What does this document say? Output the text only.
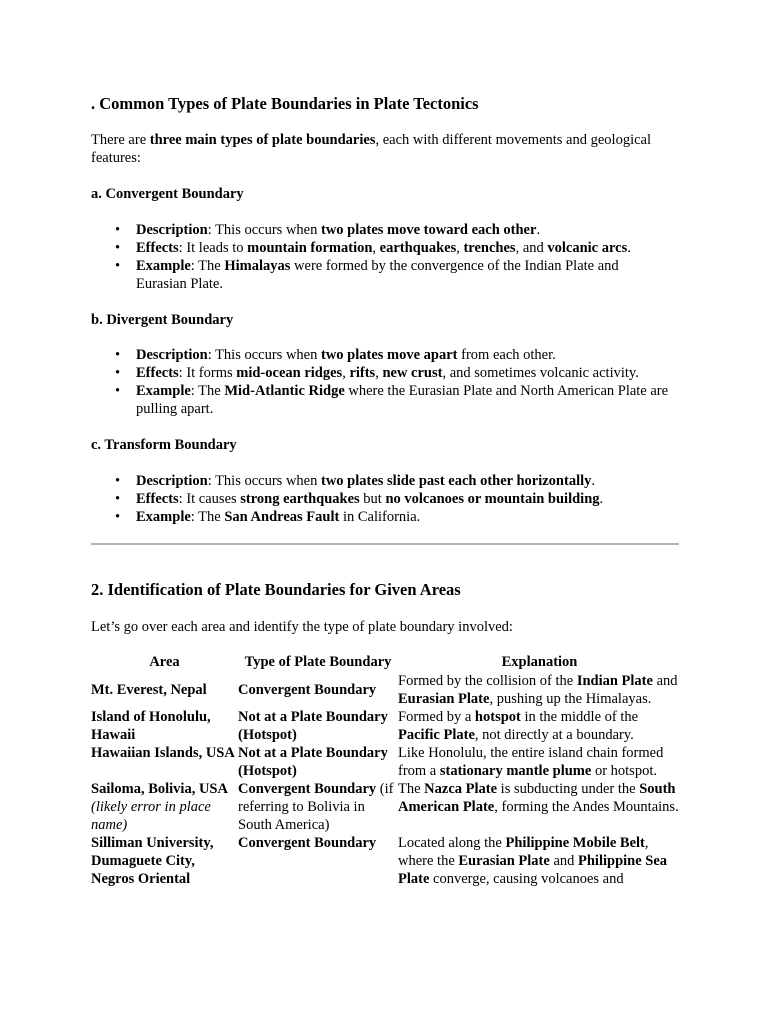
. Common Types of Plate Boundaries in Plate Tectonics

There are three main types of plate boundaries, each with different movements and geological features:

a. Convergent Boundary

• Description: This occurs when two plates move toward each other.
• Effects: It leads to mountain formation, earthquakes, trenches, and volcanic arcs.
• Example: The Himalayas were formed by the convergence of the Indian Plate and Eurasian Plate.

b. Divergent Boundary

• Description: This occurs when two plates move apart from each other.
• Effects: It forms mid-ocean ridges, rifts, new crust, and sometimes volcanic activity.
• Example: The Mid-Atlantic Ridge where the Eurasian Plate and North American Plate are pulling apart.

c. Transform Boundary

• Description: This occurs when two plates slide past each other horizontally.
• Effects: It causes strong earthquakes but no volcanoes or mountain building.
• Example: The San Andreas Fault in California.
2. Identification of Plate Boundaries for Given Areas

Let’s go over each area and identify the type of plate boundary involved:

Area	Type of Plate Boundary	Explanation
Mt. Everest, Nepal	Convergent Boundary	Formed by the collision of the Indian Plate and Eurasian Plate, pushing up the Himalayas.
Island of Honolulu, Hawaii	Not at a Plate Boundary (Hotspot)	Formed by a hotspot in the middle of the Pacific Plate, not directly at a boundary.
Hawaiian Islands, USA	Not at a Plate Boundary (Hotspot)	Like Honolulu, the entire island chain formed from a stationary mantle plume or hotspot.
Sailoma, Bolivia, USA
(likely error in place name)	Convergent Boundary (if referring to Bolivia in South America)	The Nazca Plate is subducting under the South American Plate, forming the Andes Mountains.
Silliman University, Dumaguete City, Negros Oriental	Convergent Boundary	Located along the Philippine Mobile Belt, where the Eurasian Plate and Philippine Sea Plate converge, causing volcanoes and
